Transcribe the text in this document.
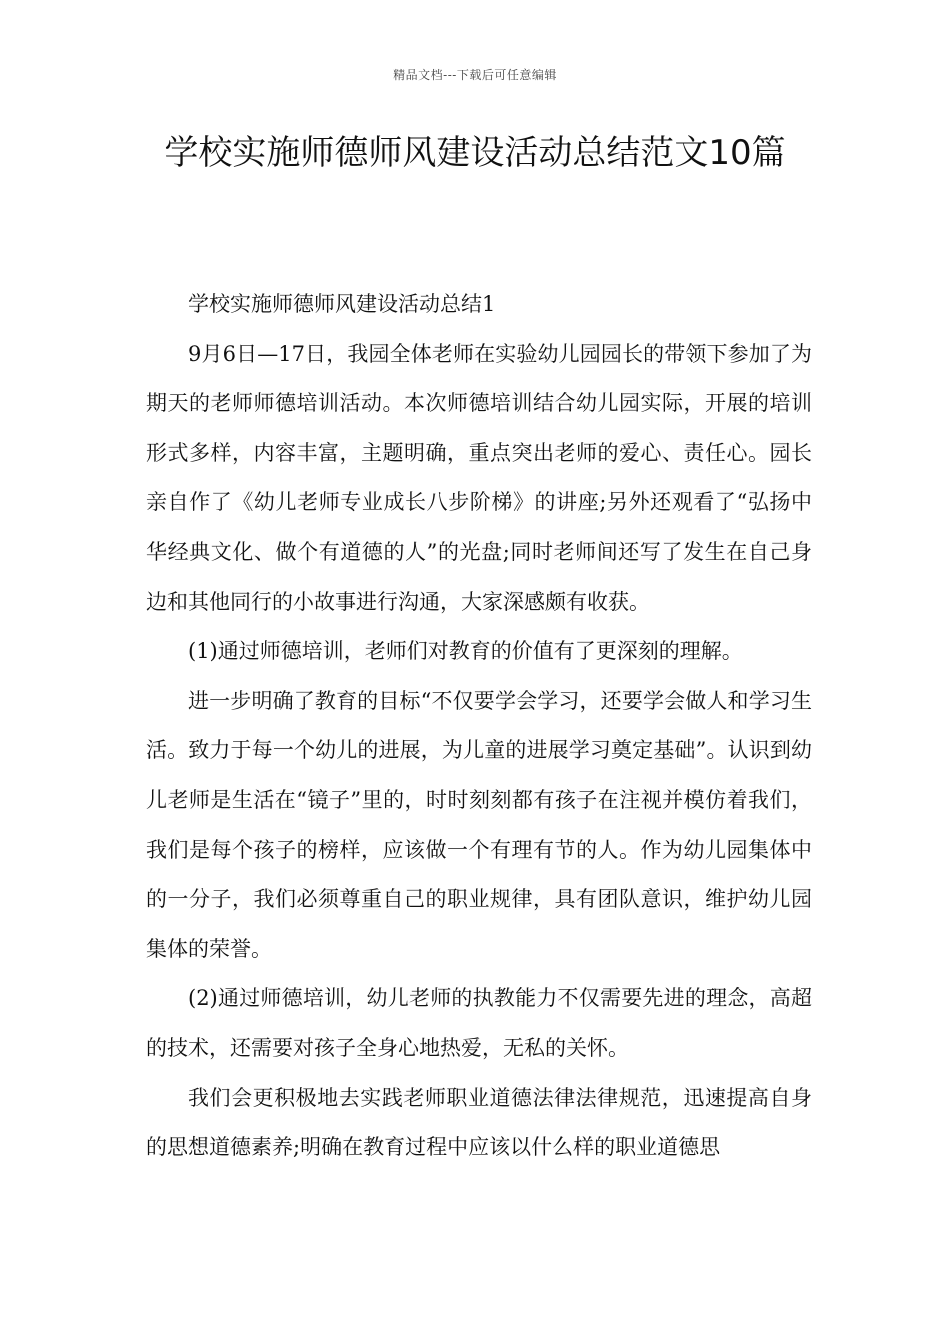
精品文档---下载后可任意编辑
学校实施师德师风建设活动总结范文10篇

学校实施师德师风建设活动总结1

9月6日—17日，我园全体老师在实验幼儿园园长的带领下参加了为期天的老师师德培训活动。本次师德培训结合幼儿园实际，开展的培训形式多样，内容丰富，主题明确，重点突出老师的爱心、责任心。园长亲自作了《幼儿老师专业成长八步阶梯》的讲座;另外还观看了“弘扬中华经典文化、做个有道德的人”的光盘;同时老师间还写了发生在自己身边和其他同行的小故事进行沟通，大家深感颇有收获。

(1)通过师德培训，老师们对教育的价值有了更深刻的理解。

进一步明确了教育的目标“不仅要学会学习，还要学会做人和学习生活。致力于每一个幼儿的进展，为儿童的进展学习奠定基础”。认识到幼儿老师是生活在“镜子”里的，时时刻刻都有孩子在注视并模仿着我们，我们是每个孩子的榜样，应该做一个有理有节的人。作为幼儿园集体中的一分子，我们必须尊重自己的职业规律，具有团队意识，维护幼儿园集体的荣誉。

(2)通过师德培训，幼儿老师的执教能力不仅需要先进的理念，高超的技术，还需要对孩子全身心地热爱，无私的关怀。

我们会更积极地去实践老师职业道德法律法律规范，迅速提高自身的思想道德素养;明确在教育过程中应该以什么样的职业道德思
